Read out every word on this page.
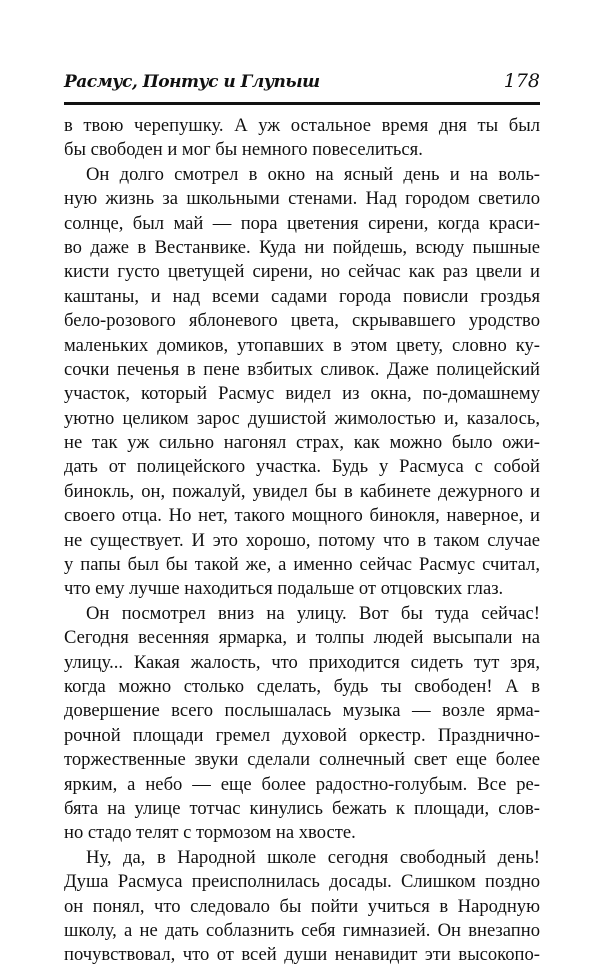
Расмус, Понтус и Глупыш	178
в твою черепушку. А уж остальное время дня ты был
бы свободен и мог бы немного повеселиться.
Он долго смотрел в окно на ясный день и на воль-
ную жизнь за школьными стенами. Над городом светило
солнце, был май — пора цветения сирени, когда краси-
во даже в Вестанвике. Куда ни пойдешь, всюду пышные
кисти густо цветущей сирени, но сейчас как раз цвели и
каштаны, и над всеми садами города повисли гроздья
бело-розового яблоневого цвета, скрывавшего уродство
маленьких домиков, утопавших в этом цвету, словно ку-
сочки печенья в пене взбитых сливок. Даже полицейский
участок, который Расмус видел из окна, по-домашнему
уютно целиком зарос душистой жимолостью и, казалось,
не так уж сильно нагонял страх, как можно было ожи-
дать от полицейского участка. Будь у Расмуса с собой
бинокль, он, пожалуй, увидел бы в кабинете дежурного и
своего отца. Но нет, такого мощного бинокля, наверное, и
не существует. И это хорошо, потому что в таком случае
у папы был бы такой же, а именно сейчас Расмус считал,
что ему лучше находиться подальше от отцовских глаз.
Он посмотрел вниз на улицу. Вот бы туда сейчас!
Сегодня весенняя ярмарка, и толпы людей высыпали на
улицу... Какая жалость, что приходится сидеть тут зря,
когда можно столько сделать, будь ты свободен! А в
довершение всего послышалась музыка — возле ярма-
рочной площади гремел духовой оркестр. Празднично-
торжественные звуки сделали солнечный свет еще более
ярким, а небо — еще более радостно-голубым. Все ре-
бята на улице тотчас кинулись бежать к площади, слов-
но стадо телят с тормозом на хвосте.
Ну, да, в Народной школе сегодня свободный день!
Душа Расмуса преисполнилась досады. Слишком поздно
он понял, что следовало бы пойти учиться в Народную
школу, а не дать соблазнить себя гимназией. Он внезапно
почувствовал, что от всей души ненавидит эти высокопо-
